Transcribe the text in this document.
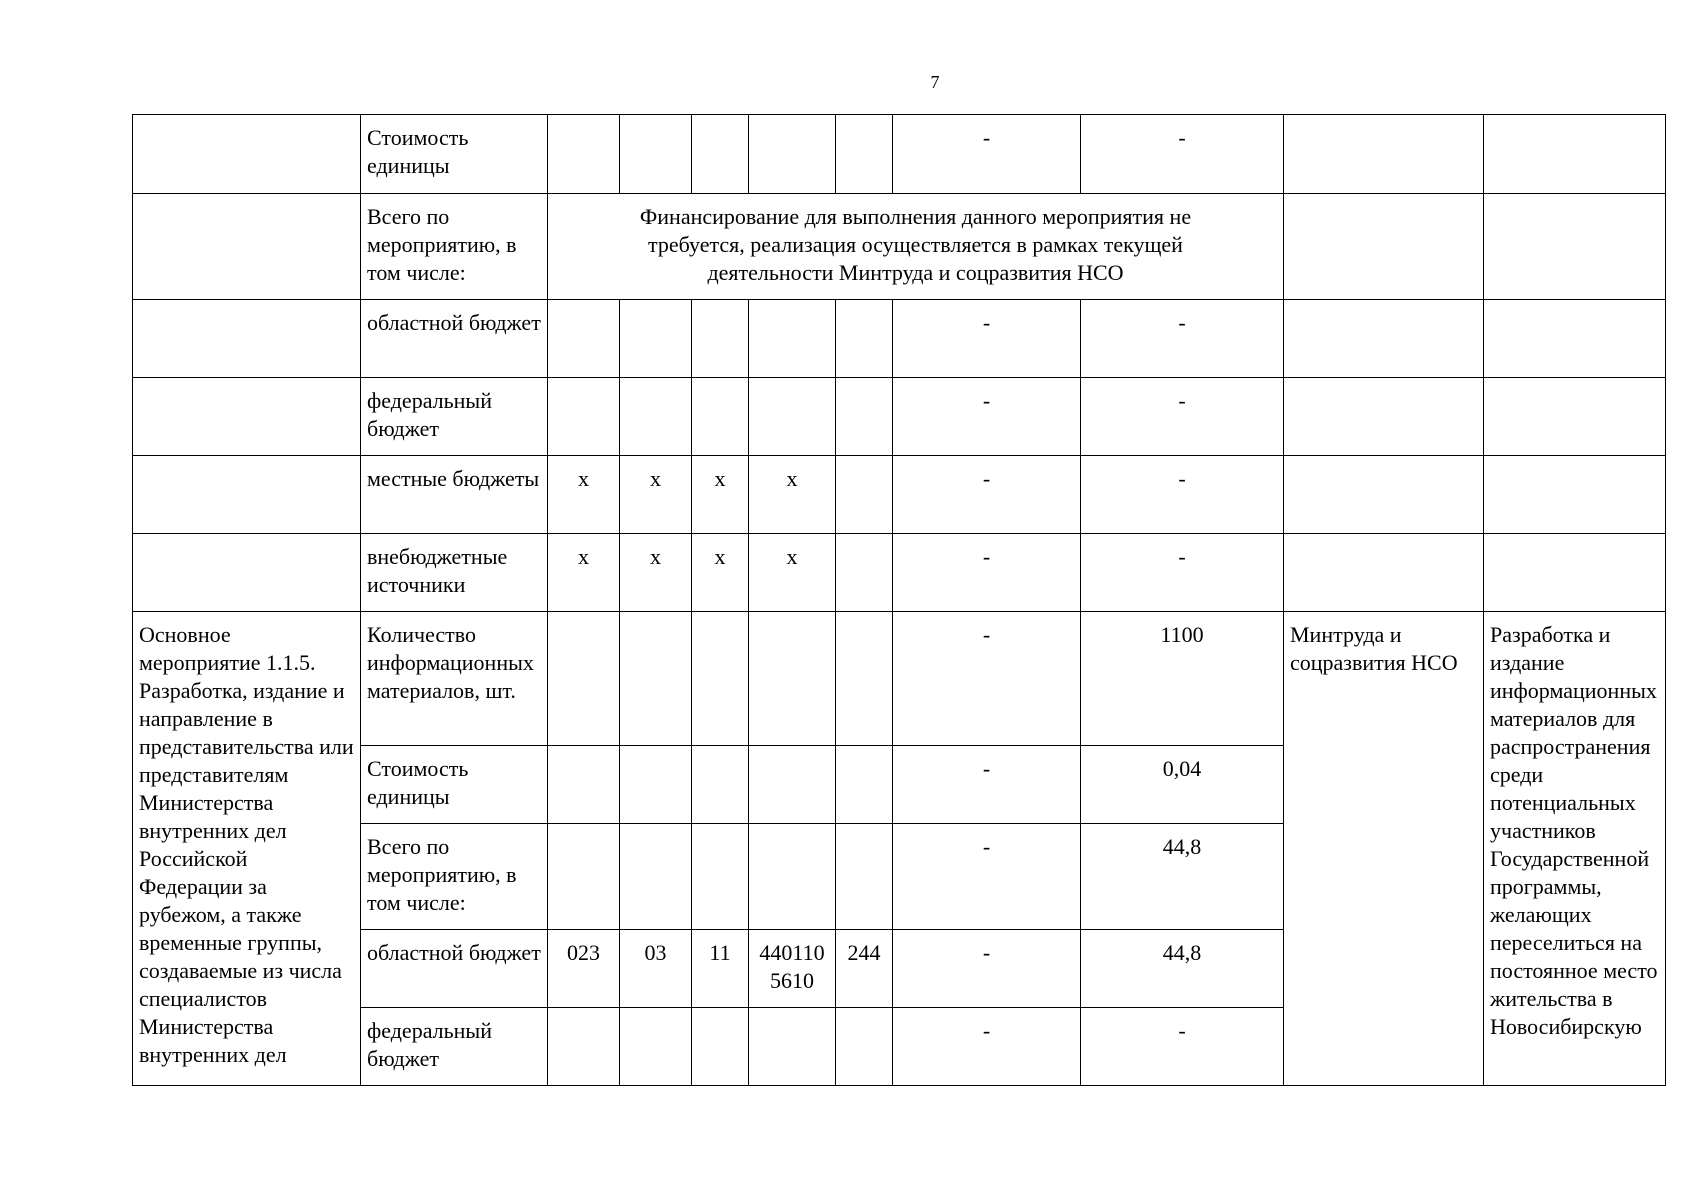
7
	Стоимость единицы						-	-		
	Всего по мероприятию, в том числе:	Финансирование для выполнения данного мероприятия не требуется, реализация осуществляется в рамках текущей деятельности Минтруда и соцразвития НСО								
	областной бюджет						-	-		
	федеральный бюджет						-	-		
	местные бюджеты	х	х	х	х		-	-		
	внебюджетные источники	х	х	х	х		-	-		
Основное мероприятие 1.1.5. Разработка, издание и направление в представительства или представителям Министерства внутренних дел Российской Федерации за рубежом, а также временные группы, создаваемые из числа специалистов Министерства внутренних дел	Количество информационных материалов, шт.						-	1100	Минтруда и соцразвития НСО	Разработка и издание информационных материалов для распространения среди потенциальных участников Государственной программы, желающих переселиться на постоянное место жительства в Новосибирскую
	Стоимость единицы						-	0,04		
	Всего по мероприятию, в том числе:						-	44,8		
	областной бюджет	023	03	11	4401105610	244	-	44,8		
	федеральный бюджет						-	-		
